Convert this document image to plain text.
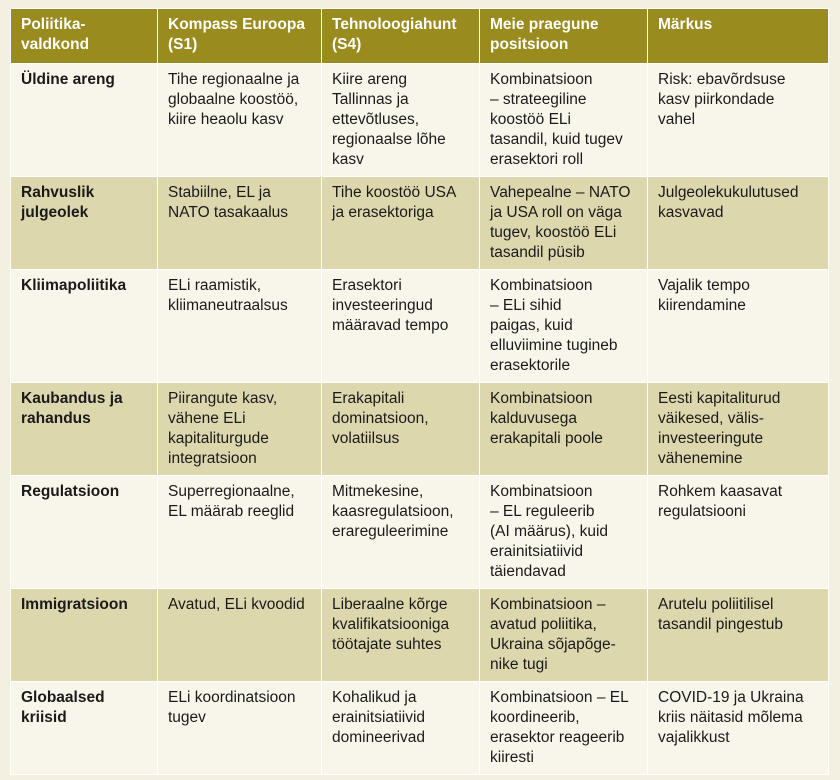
Poliitika-
valdkond	Kompass Euroopa
(S1)	Tehnoloogiahunt
(S4)	Meie praegune
positsioon	Märkus

Üldine areng	Tihe regionaalne ja
globaalne koostöö,
kiire heaolu kasv	Kiire areng
Tallinnas ja
ettevõtluses,
regionaalse lõhe
kasv	Kombinatsioon
– strateegiline
koostöö ELi
tasandil, kuid tugev
erasektori roll	Risk: ebavõrdsuse
kasv piirkondade
vahel

Rahvuslik
julgeolek	Stabiilne, EL ja
NATO tasakaalus	Tihe koostöö USA
ja erasektoriga	Vahepealne – NATO
ja USA roll on väga
tugev, koostöö ELi
tasandil püsib	Julgeolekukulutused
kasvavad

Kliimapoliitika	ELi raamistik,
kliimaneutraalsus	Erasektori
investeeringud
määravad tempo	Kombinatsioon
– ELi sihid
paigas, kuid
elluviimine tugineb
erasektorile	Vajalik tempo
kiirendamine

Kaubandus ja
rahandus	Piirangute kasv,
vähene ELi
kapitaliturgude
integratsioon	Erakapitali
dominatsioon,
volatiilsus	Kombinatsioon
kalduvusega
erakapitali poole	Eesti kapitaliturud
väikesed, välis-
investeeringute
vähenemine

Regulatsioon	Superregionaalne,
EL määrab reeglid	Mitmekesine,
kaasregulatsioon,
erareguleerimine	Kombinatsioon
– EL reguleerib
(AI määrus), kuid
erainitsiatiivid
täiendavad	Rohkem kaasavat
regulatsiooni

Immigratsioon	Avatud, ELi kvoodid	Liberaalne kõrge
kvalifikatsiooniga
töötajate suhtes	Kombinatsioon –
avatud poliitika,
Ukraina sõjapõge-
nike tugi	Arutelu poliitilisel
tasandil pingestub

Globaalsed
kriisid	ELi koordinatsioon
tugev	Kohalikud ja
erainitsiatiivid
domineerivad	Kombinatsioon – EL
koordineerib,
erasektor reageerib
kiiresti	COVID-19 ja Ukraina
kriis näitasid mõlema
vajalikkust
